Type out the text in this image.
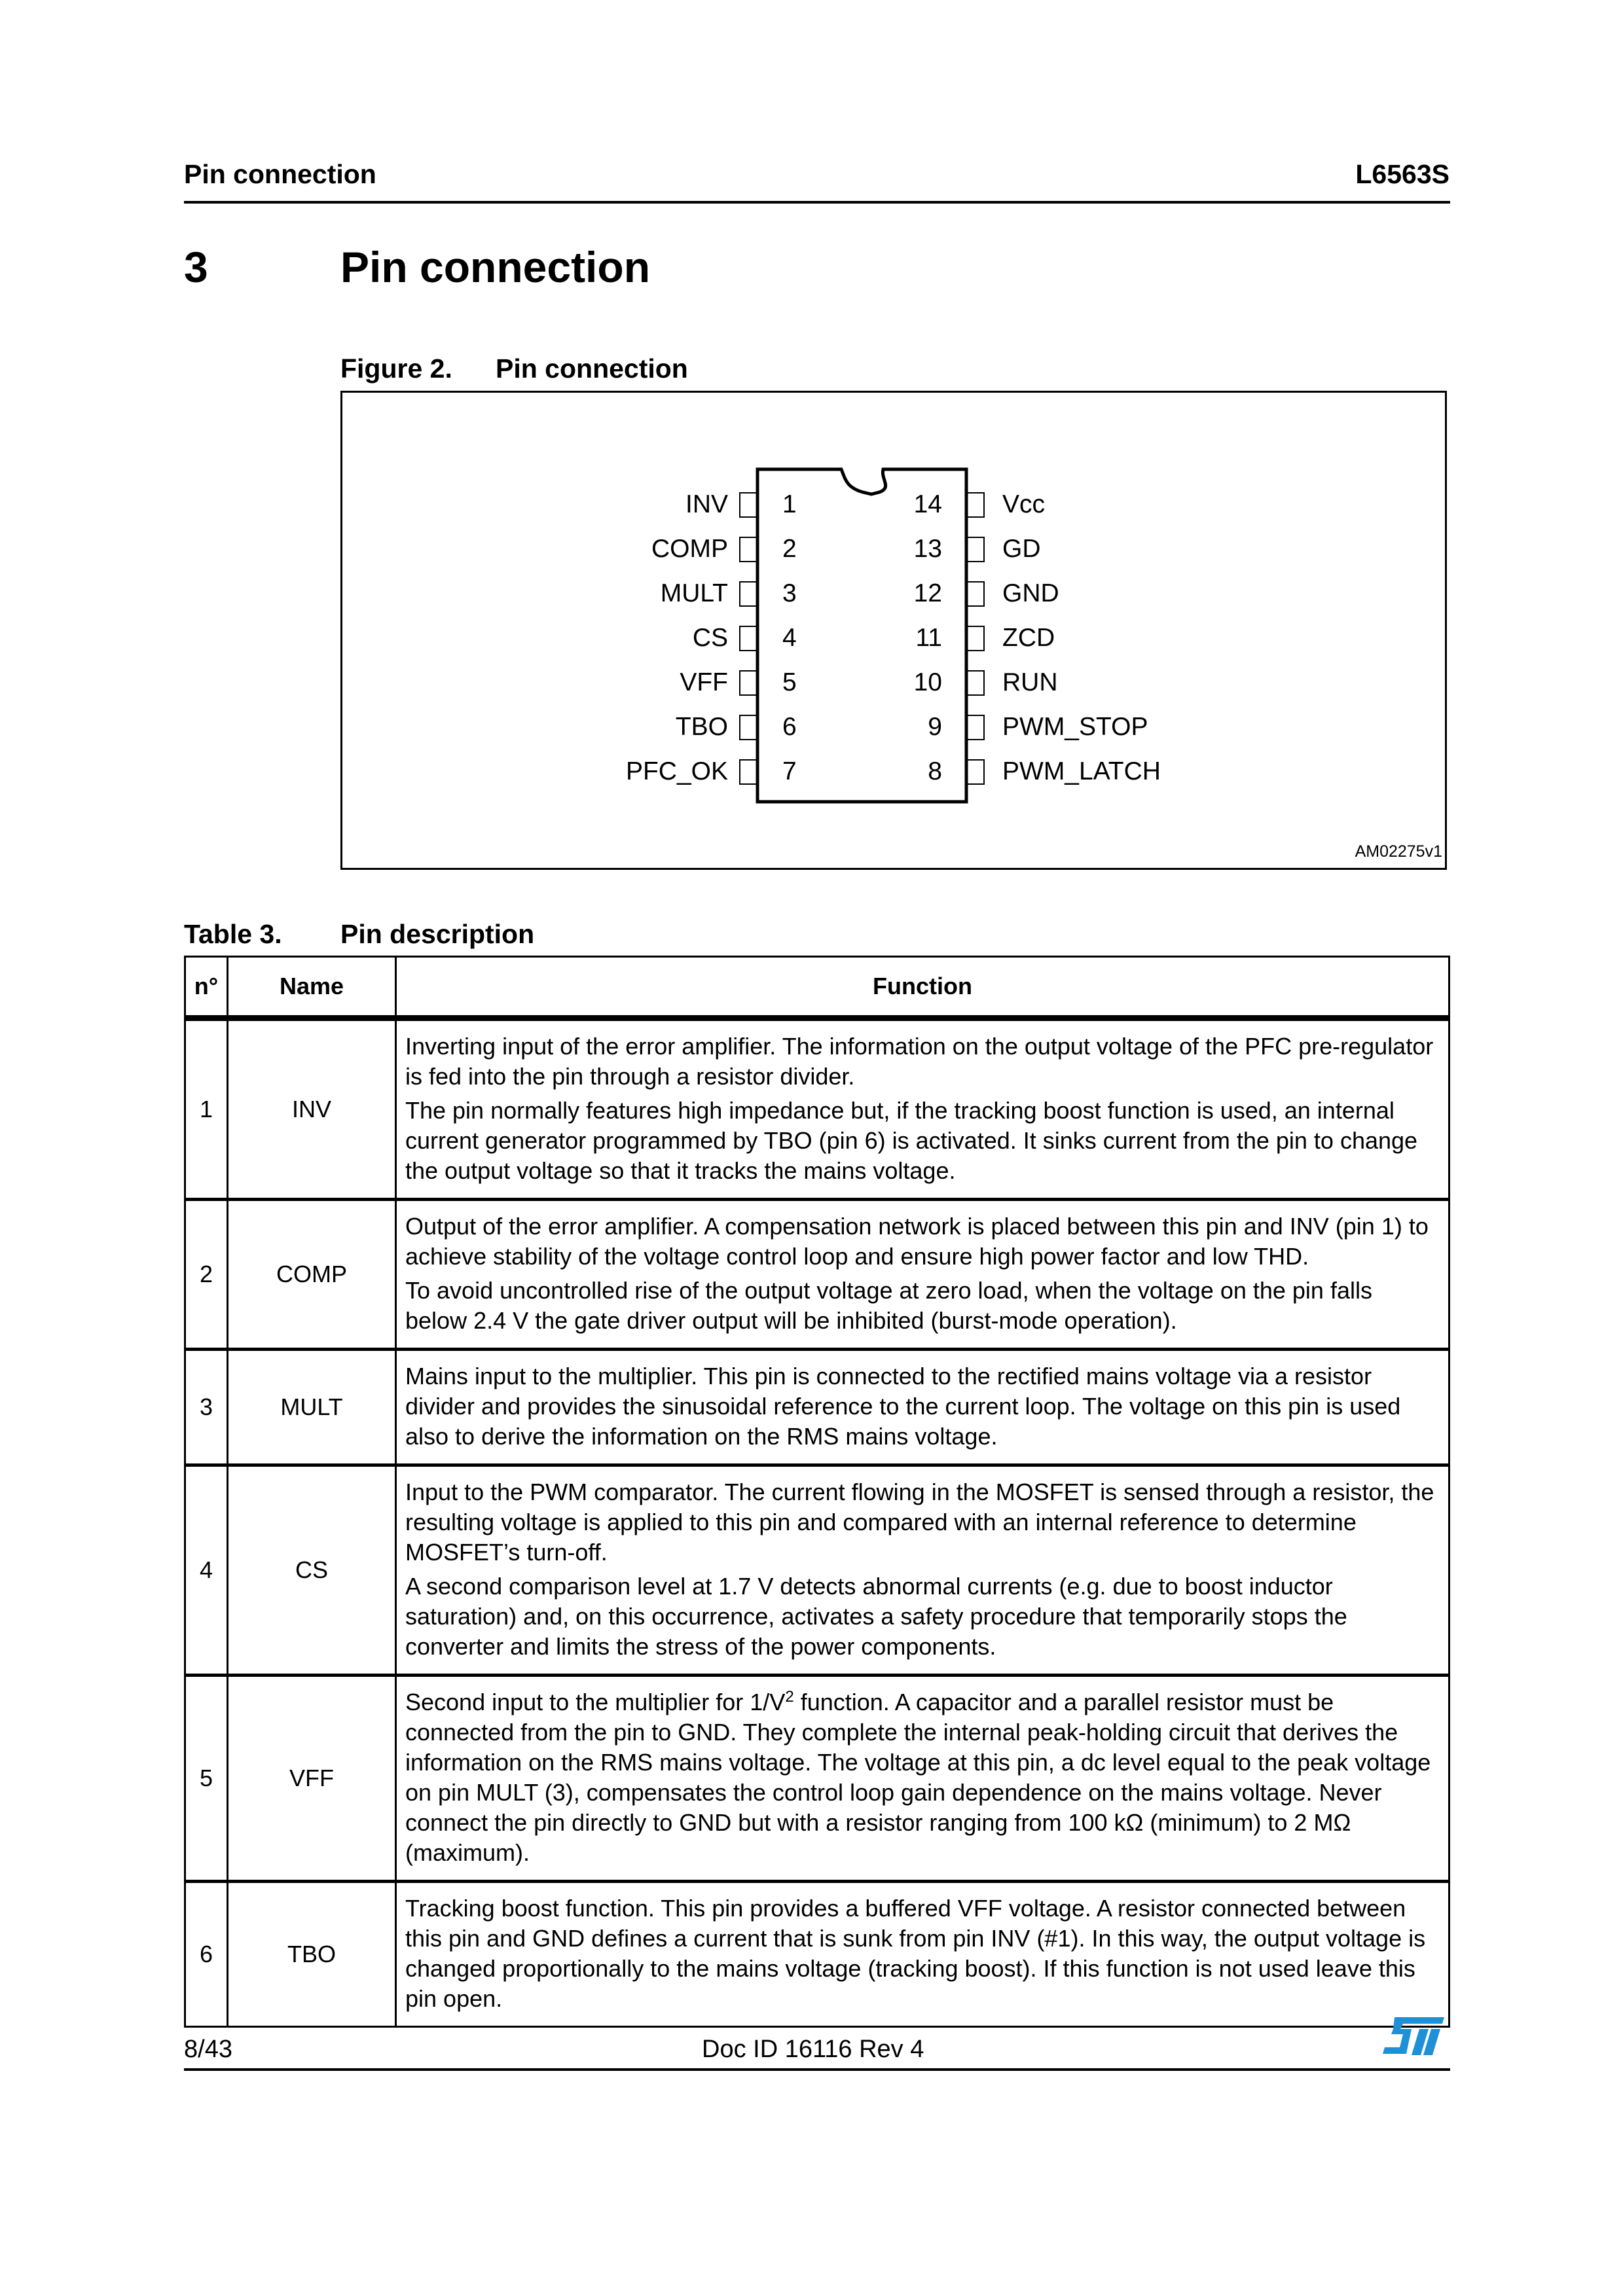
Pin connection	L6563S
3	Pin connection
Figure 2. Pin connection
INV
COMP
MULT
CS
VFF
TBO
PFC_OK
1
2
3
4
5
6
7
14
13
12
11
10
9
8
Vcc
GD
GND
ZCD
RUN
PWM_STOP
PWM_LATCH
AM02275v1
Table 3. Pin description
n°	Name	Function
1	INV	Inverting input of the error amplifier. The information on the output voltage of the PFC pre-regulator is fed into the pin through a resistor divider.

The pin normally features high impedance but, if the tracking boost function is used, an internal current generator programmed by TBO (pin 6) is activated. It sinks current from the pin to change the output voltage so that it tracks the mains voltage.

2	COMP	Output of the error amplifier. A compensation network is placed between this pin and INV (pin 1) to achieve stability of the voltage control loop and ensure high power factor and low THD.

To avoid uncontrolled rise of the output voltage at zero load, when the voltage on the pin falls below 2.4 V the gate driver output will be inhibited (burst-mode operation).

3	MULT	Mains input to the multiplier. This pin is connected to the rectified mains voltage via a resistor divider and provides the sinusoidal reference to the current loop. The voltage on this pin is used also to derive the information on the RMS mains voltage.

4	CS	Input to the PWM comparator. The current flowing in the MOSFET is sensed through a resistor, the resulting voltage is applied to this pin and compared with an internal reference to determine MOSFET’s turn-off.

A second comparison level at 1.7 V detects abnormal currents (e.g. due to boost inductor saturation) and, on this occurrence, activates a safety procedure that temporarily stops the converter and limits the stress of the power components.

5	VFF	Second input to the multiplier for $1/V^2$ function. A capacitor and a parallel resistor must be connected from the pin to GND. They complete the internal peak-holding circuit that derives the information on the RMS mains voltage. The voltage at this pin, a dc level equal to the peak voltage on pin MULT (3), compensates the control loop gain dependence on the mains voltage. Never connect the pin directly to GND but with a resistor ranging from 100 kΩ (minimum) to 2 MΩ (maximum).

6	TBO	Tracking boost function. This pin provides a buffered VFF voltage. A resistor connected between this pin and GND defines a current that is sunk from pin INV (#1). In this way, the output voltage is changed proportionally to the mains voltage (tracking boost). If this function is not used leave this pin open.

8/43	Doc ID 16116 Rev 4
